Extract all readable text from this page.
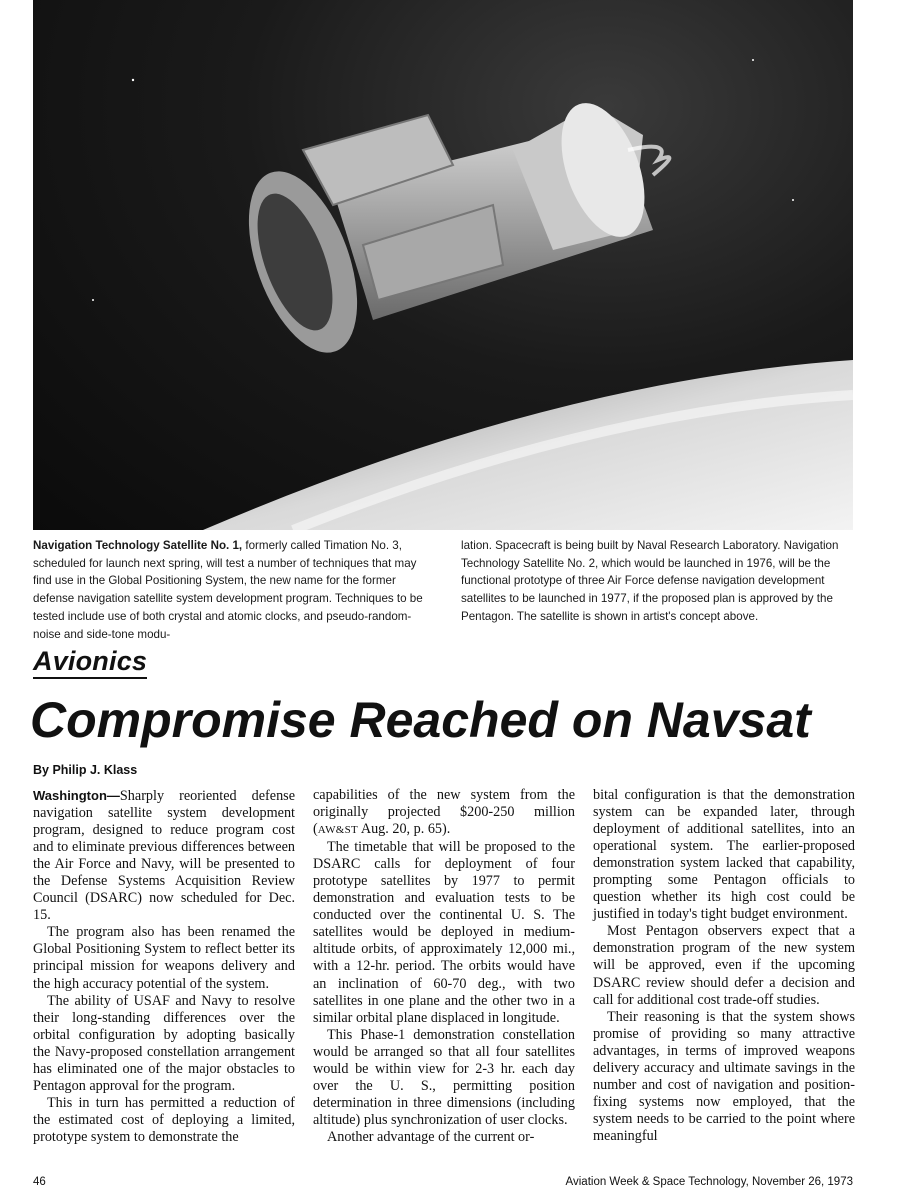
Navigation Technology Satellite No. 1, formerly called Timation No. 3, scheduled for launch next spring, will test a number of techniques that may find use in the Global Positioning System, the new name for the former defense navigation satellite system development program. Techniques to be tested include use of both crystal and atomic clocks, and pseudo-random-noise and side-tone modu-
lation. Spacecraft is being built by Naval Research Laboratory. Navigation Technology Satellite No. 2, which would be launched in 1976, will be the functional prototype of three Air Force defense navigation development satellites to be launched in 1977, if the proposed plan is approved by the Pentagon. The satellite is shown in artist's concept above.
Avionics
Compromise Reached on Navsat
By Philip J. Klass

Washington—Sharply reoriented defense navigation satellite system development program, designed to reduce program cost and to eliminate previous differences between the Air Force and Navy, will be presented to the Defense Systems Acquisition Review Council (DSARC) now scheduled for Dec. 15.

The program also has been renamed the Global Positioning System to reflect better its principal mission for weapons delivery and the high accuracy potential of the system.

The ability of USAF and Navy to resolve their long-standing differences over the orbital configuration by adopting basically the Navy-proposed constellation arrangement has eliminated one of the major obstacles to Pentagon approval for the program.

This in turn has permitted a reduction of the estimated cost of deploying a limited, prototype system to demonstrate the

capabilities of the new system from the originally projected $200-250 million (AW&ST Aug. 20, p. 65).

The timetable that will be proposed to the DSARC calls for deployment of four prototype satellites by 1977 to permit demonstration and evaluation tests to be conducted over the continental U. S. The satellites would be deployed in medium-altitude orbits, of approximately 12,000 mi., with a 12-hr. period. The orbits would have an inclination of 60-70 deg., with two satellites in one plane and the other two in a similar orbital plane displaced in longitude.

This Phase-1 demonstration constellation would be arranged so that all four satellites would be within view for 2-3 hr. each day over the U. S., permitting position determination in three dimensions (including altitude) plus synchronization of user clocks.

Another advantage of the current or-

bital configuration is that the demonstration system can be expanded later, through deployment of additional satellites, into an operational system. The earlier-proposed demonstration system lacked that capability, prompting some Pentagon officials to question whether its high cost could be justified in today's tight budget environment.

Most Pentagon observers expect that a demonstration program of the new system will be approved, even if the upcoming DSARC review should defer a decision and call for additional cost trade-off studies.

Their reasoning is that the system shows promise of providing so many attractive advantages, in terms of improved weapons delivery accuracy and ultimate savings in the number and cost of navigation and position-fixing systems now employed, that the system needs to be carried to the point where meaningful

46	Aviation Week & Space Technology, November 26, 1973
